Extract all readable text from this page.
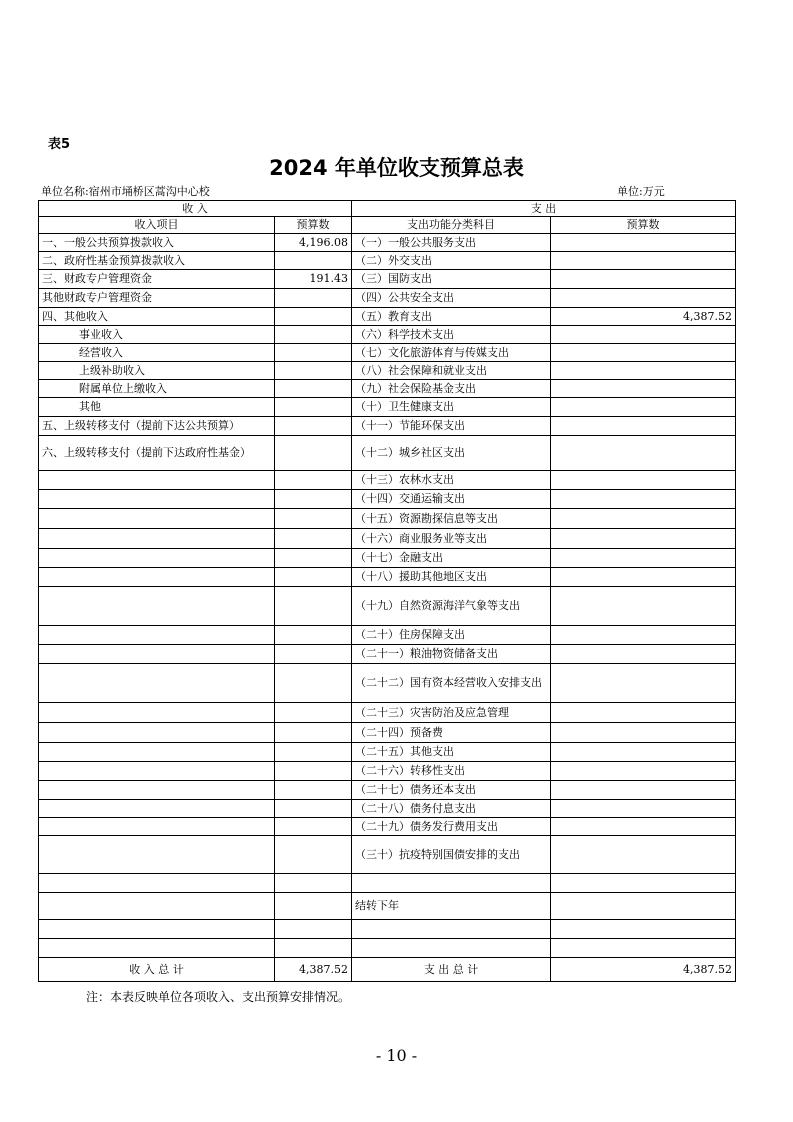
表5
2024 年单位收支预算总表
单位名称:宿州市埇桥区蒿沟中心校	单位:万元
收 入		支 出	
收入项目	预算数	支出功能分类科目	预算数
一、一般公共预算拨款收入	4,196.08	（一）一般公共服务支出	
二、政府性基金预算拨款收入		（二）外交支出	
三、财政专户管理资金	191.43	（三）国防支出	
其他财政专户管理资金		（四）公共安全支出	
四、其他收入		（五）教育支出	4,387.52
事业收入		（六）科学技术支出	
经营收入		（七）文化旅游体育与传媒支出	
上级补助收入		（八）社会保障和就业支出	
附属单位上缴收入		（九）社会保险基金支出	
其他		（十）卫生健康支出	
五、上级转移支付（提前下达公共预算）		（十一）节能环保支出	
六、上级转移支付（提前下达政府性基金）		（十二）城乡社区支出	
		（十三）农林水支出	
		（十四）交通运输支出	
		（十五）资源勘探信息等支出	
		（十六）商业服务业等支出	
		（十七）金融支出	
		（十八）援助其他地区支出	
		（十九）自然资源海洋气象等支出	
		（二十）住房保障支出	
		（二十一）粮油物资储备支出	
		（二十二）国有资本经营收入安排支出	
		（二十三）灾害防治及应急管理	
		（二十四）预备费	
		（二十五）其他支出	
		（二十六）转移性支出	
		（二十七）债务还本支出	
		（二十八）债务付息支出	
		（二十九）债务发行费用支出	
		（三十）抗疫特别国债安排的支出	

		结转下年	

收 入 总 计	4,387.52	支 出 总 计	4,387.52
注：本表反映单位各项收入、支出预算安排情况。
- 10 -
